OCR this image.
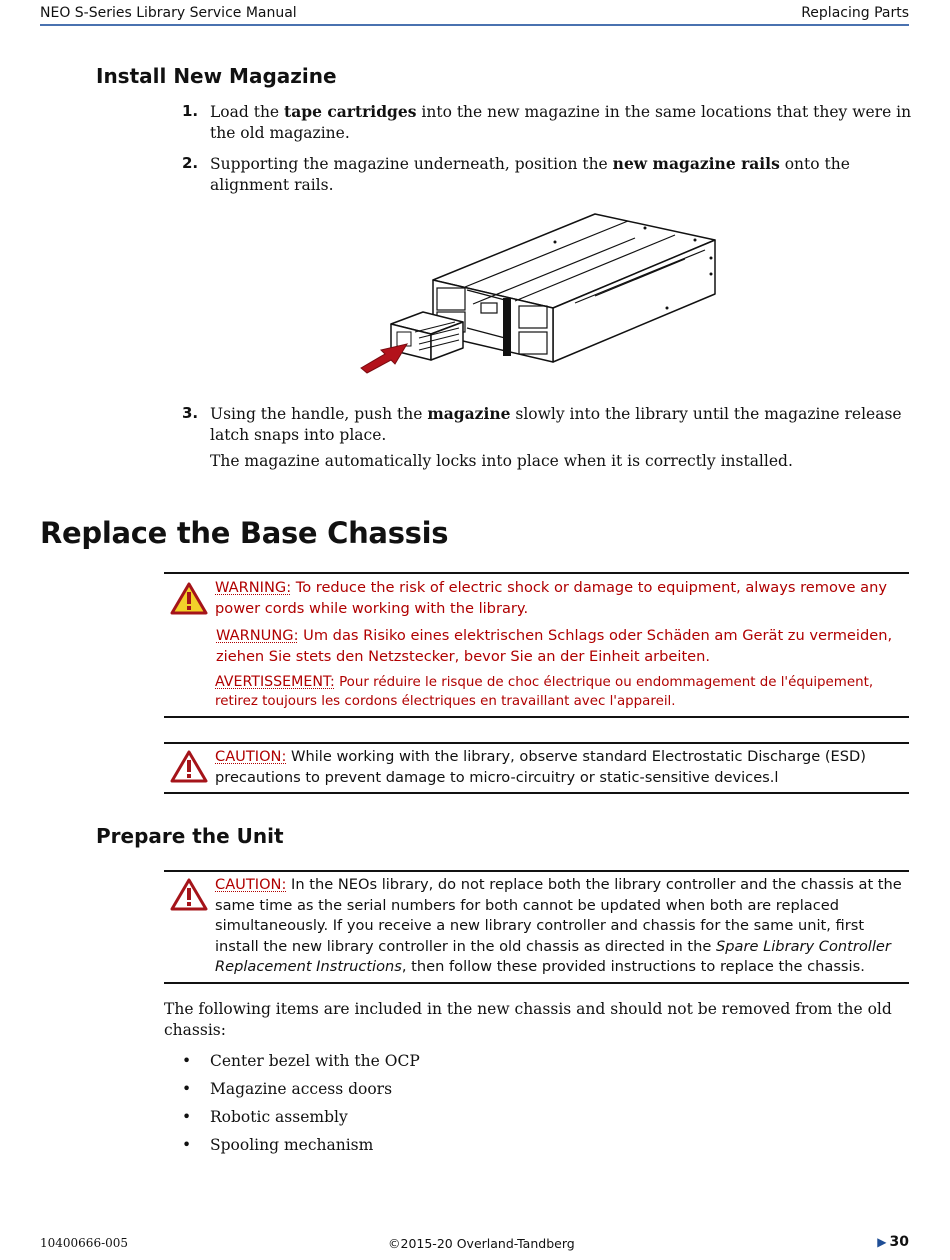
NEO S-Series Library Service Manual	Replacing Parts
Install New Magazine
1. Load the tape cartridges into the new magazine in the same locations that they were in the old magazine.
2. Supporting the magazine underneath, position the new magazine rails onto the alignment rails.
3. Using the handle, push the magazine slowly into the library until the magazine release latch snaps into place.
The magazine automatically locks into place when it is correctly installed.
Replace the Base Chassis
WARNING: To reduce the risk of electric shock or damage to equipment, always remove any power cords while working with the library.
WARNUNG: Um das Risiko eines elektrischen Schlags oder Schäden am Gerät zu vermeiden, ziehen Sie stets den Netzstecker, bevor Sie an der Einheit arbeiten.
AVERTISSEMENT: Pour réduire le risque de choc électrique ou endommagement de l'équipement, retirez toujours les cordons électriques en travaillant avec l'appareil.
CAUTION: While working with the library, observe standard Electrostatic Discharge (ESD) precautions to prevent damage to micro-circuitry or static-sensitive devices.l
Prepare the Unit
CAUTION: In the NEOs library, do not replace both the library controller and the chassis at the same time as the serial numbers for both cannot be updated when both are replaced simultaneously. If you receive a new library controller and chassis for the same unit, first install the new library controller in the old chassis as directed in the Spare Library Controller Replacement Instructions, then follow these provided instructions to replace the chassis.
The following items are included in the new chassis and should not be removed from the old chassis:
•	Center bezel with the OCP
•	Magazine access doors
•	Robotic assembly
•	Spooling mechanism
10400666-005	©2015-20 Overland-Tandberg	▶ 30
